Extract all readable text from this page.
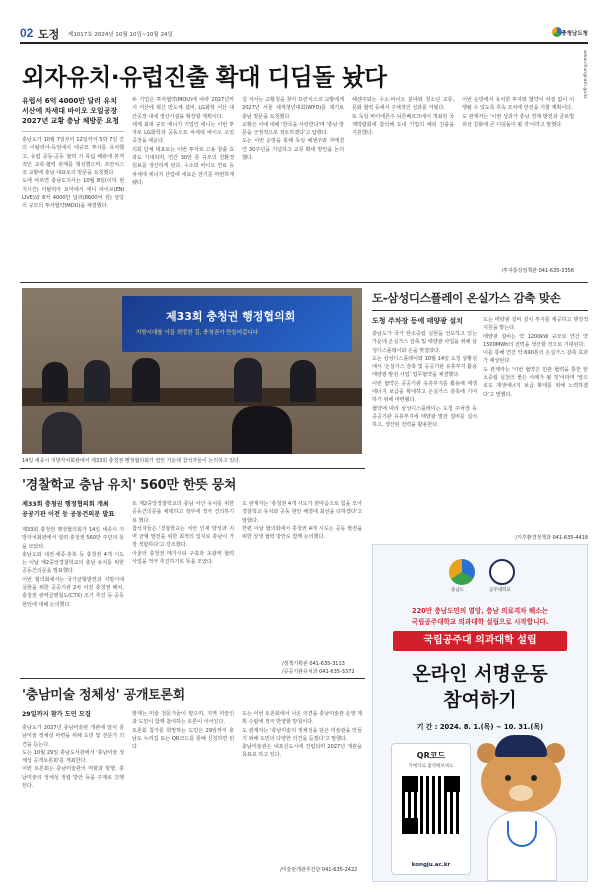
02 도정 제1017호 2024년 10월 10일~10월 24일	충청남도청
www.chungnam.go.kr
외자유치·유럽진출 확대 디딤돌 놨다
유럽서 6억 4000만 달러 유치
서산에 차세대 바이오 오일공장
2027년 교황 충남 체방문 요청

충남도가 10월 7일부터 12일까지 5박 7일 간의 이탈리아-독일에서 대규모 투자를 유치했고, 유럽 공동-공동 협력 지 폭넓 해와에 본격적인 교류·협력 관계를 형성했으며, 프란치스코 교황에 충남 대표로의 방문을 요청했다.

도에 따르면 충남도지사는 10월 8일(이하 현지시간) 이탈리아 로마에서 에니 라이브(ENI LIVE)와 6억 4000만 달러(8600억 원) 상당의 규모의 투자협약(MOU)을 체결했다.

두 기업은 투자협약(MOU)에 따라 2027년까지 서산에 혁신 반도체 설비, LG화학 서산 대산공장 내에 생산시설을 확장할 계획이다.

세계 최대 규모 에너지 기업인 에니는 이번 투자로 LG화학과 공동으로 차세대 바이오 오일 공장을 세운다.

의회 단체 대표로는 이번 투자로 고용 창출 효과도 기대되며, 연간 30만 톤 규모의 친환경 원료를 생산하게 된다. 수소와 바이오 연료 등 차세대 에너지 산업에 새로운 전기를 마련하게 됐다.

김 지사는 교황청을 찾아 프란치스코 교황에게 2027년 서울 세계청년대회(WYD)를 계기로 충남 방문을 요청했다.

교황은 이에 대해 '한국을 사랑한다'며 '충남 방문을 긍정적으로 검토하겠다'고 답했다.

도는 이번 순방을 통해 독일 헤센주와 자매결연 30주년을 기념하고 교류 확대 방안을 논의했다.

헤센주와는 수소·바이오 분야와 청소년 교류, 문화 협력 등에서 구체적인 성과를 거뒀다.

또 독일 바이에른주 뉘른베르크에서 개최된 국제박람회에 참석해 도내 기업의 해외 진출을 지원했다.

이번 순방에서 유치한 투자와 협약이 차질 없이 이행될 수 있도록 후속 조치에 만전을 기할 계획이다.

도 관계자는 '이번 성과가 충남 경제 발전과 글로벌 위상 강화에 큰 디딤돌이 될 것'이라고 말했다.

/투자통상정책관 041-635-3356
제33회 충청권 행정협의회
지방시대를 이끌 희망찬 길, 충청권이 만들어갑니다
14일 세종시 지방자치회관에서 제33회 충청권 행정협의회가 열린 가운데 참석자들이 논의하고 있다.
도-삼성디스플레이 온실가스 감축 맞손
도청 주차장 등에 태양광 설치

충남도가 국가 탄소중립 실현을 선도하고 있는 가운데 온실가스 감축 및 태양광 사업을 위해 삼성디스플레이와 손을 맞잡았다.

도는 삼성디스플레이와 10월 14일 도청 상황실에서 '온실가스 감축 및 공공기관 유휴부지 활용 태양광 발전 사업' 업무협약을 체결했다.

이번 협약은 공공기관 유휴부지를 활용해 재생에너지 보급을 확대하고 온실가스 감축에 기여하기 위해 마련됐다.

협약에 따라 삼성디스플레이는 도청 주차장 등 공공기관 유휴부지에 태양광 발전 설비를 설치하고, 생산된 전력을 활용한다.

도는 태양광 설비 설치 부지를 제공하고 행정적 지원을 맡는다.

태양광 설비는 약 1200kW 규모로 연간 약 1500MWh의 전력을 생산할 것으로 기대된다.

이를 통해 연간 약 690톤의 온실가스 감축 효과가 예상된다.

도 관계자는 '이번 협약은 민관 협력을 통한 탄소중립 실천의 좋은 사례가 될 것'이라며 '앞으로도 재생에너지 보급 확대를 위해 노력하겠다'고 말했다.

/기후환경정책과 041-635-4418
'경찰학교 충남 유치' 560만 한뜻 뭉쳐
제33회 충청권 행정협의회 개최
공공기관 이전 등 공동건의문 발표

제33회 충청권 행정협의회가 14일 세종시 지방자치회관에서 열려 충청권 560만 주민의 뜻을 모았다.

충남도와 대전·세종·충북 등 충청권 4개 시도는 이날 제2중앙경찰학교의 충남 유치를 위한 공동건의문을 발표했다.

이번 협의회에서는 국가균형발전과 지방시대 실현을 위한 공공기관 2차 이전 충청권 배치, 충청권 광역급행철도(CTX) 조기 추진 등 공동 현안에 대해 논의했다.

또 제2중앙경찰학교의 충남 아산 유치를 위한 공동건의문을 채택하고 정부에 적극 건의하기로 했다.

참석자들은 '경찰학교는 치안 인재 양성과 지역 균형 발전을 위한 최적의 입지로 충남이 가장 적합하다'고 강조했다.

아울러 충청권 메가시티 구축과 초광역 협력 사업을 적극 추진하기로 뜻을 모았다.

도 관계자는 '충청권 4개 시도가 한마음으로 힘을 모아 경찰학교 유치와 공동 현안 해결에 최선을 다하겠다'고 말했다.

한편 이날 협의회에서 충청권 4개 시도는 공동 발전을 위한 상생 협력 방안도 함께 논의했다.

/정책기획관 041-635-3113
/공공기관유치과 041-635-3372
'충남미술 정체성' 공개토론회
29일까지 참가 도민 모집

충남도가 2027년 충남미술관 개관에 앞서 충남미술 정체성 마련을 위해 도민 및 전문가 의견을 듣는다.

도는 10월 29일 충남도서관에서 '충남미술 정체성 공개토론회'를 개최한다.

이번 토론회는 충남미술관의 역할과 방향, 충남미술의 정체성 정립 방안 등을 주제로 진행된다.

발제는 미술 전문가들이 맡으며, 지역 미술인과 도민이 함께 참여하는 토론이 이어진다.

토론회 참가를 희망하는 도민은 29일까지 충남도 누리집 또는 QR코드를 통해 신청하면 된다.

도는 이번 토론회에서 나온 의견을 충남미술관 운영 계획 수립에 적극 반영할 방침이다.

도 관계자는 '충남미술의 정체성을 담은 미술관을 만들기 위해 도민의 다양한 의견을 듣겠다'고 말했다.

충남미술관은 내포신도시에 건립되며 2027년 개관을 목표로 하고 있다.

/미술관개관추진단 041-635-2422
충남도	공주대학교
220만 충남도민의 열망, 충남 의료격차 해소는
국립공주대학교 의과대학 설립으로 시작합니다.
국립공주대 의과대학 설립
온라인 서명운동
참여하기
기 간 : 2024. 8. 1.(목) ~ 10. 31.(목)
QR코드
카메라로 촬영해보세요
kongju.ac.kr
